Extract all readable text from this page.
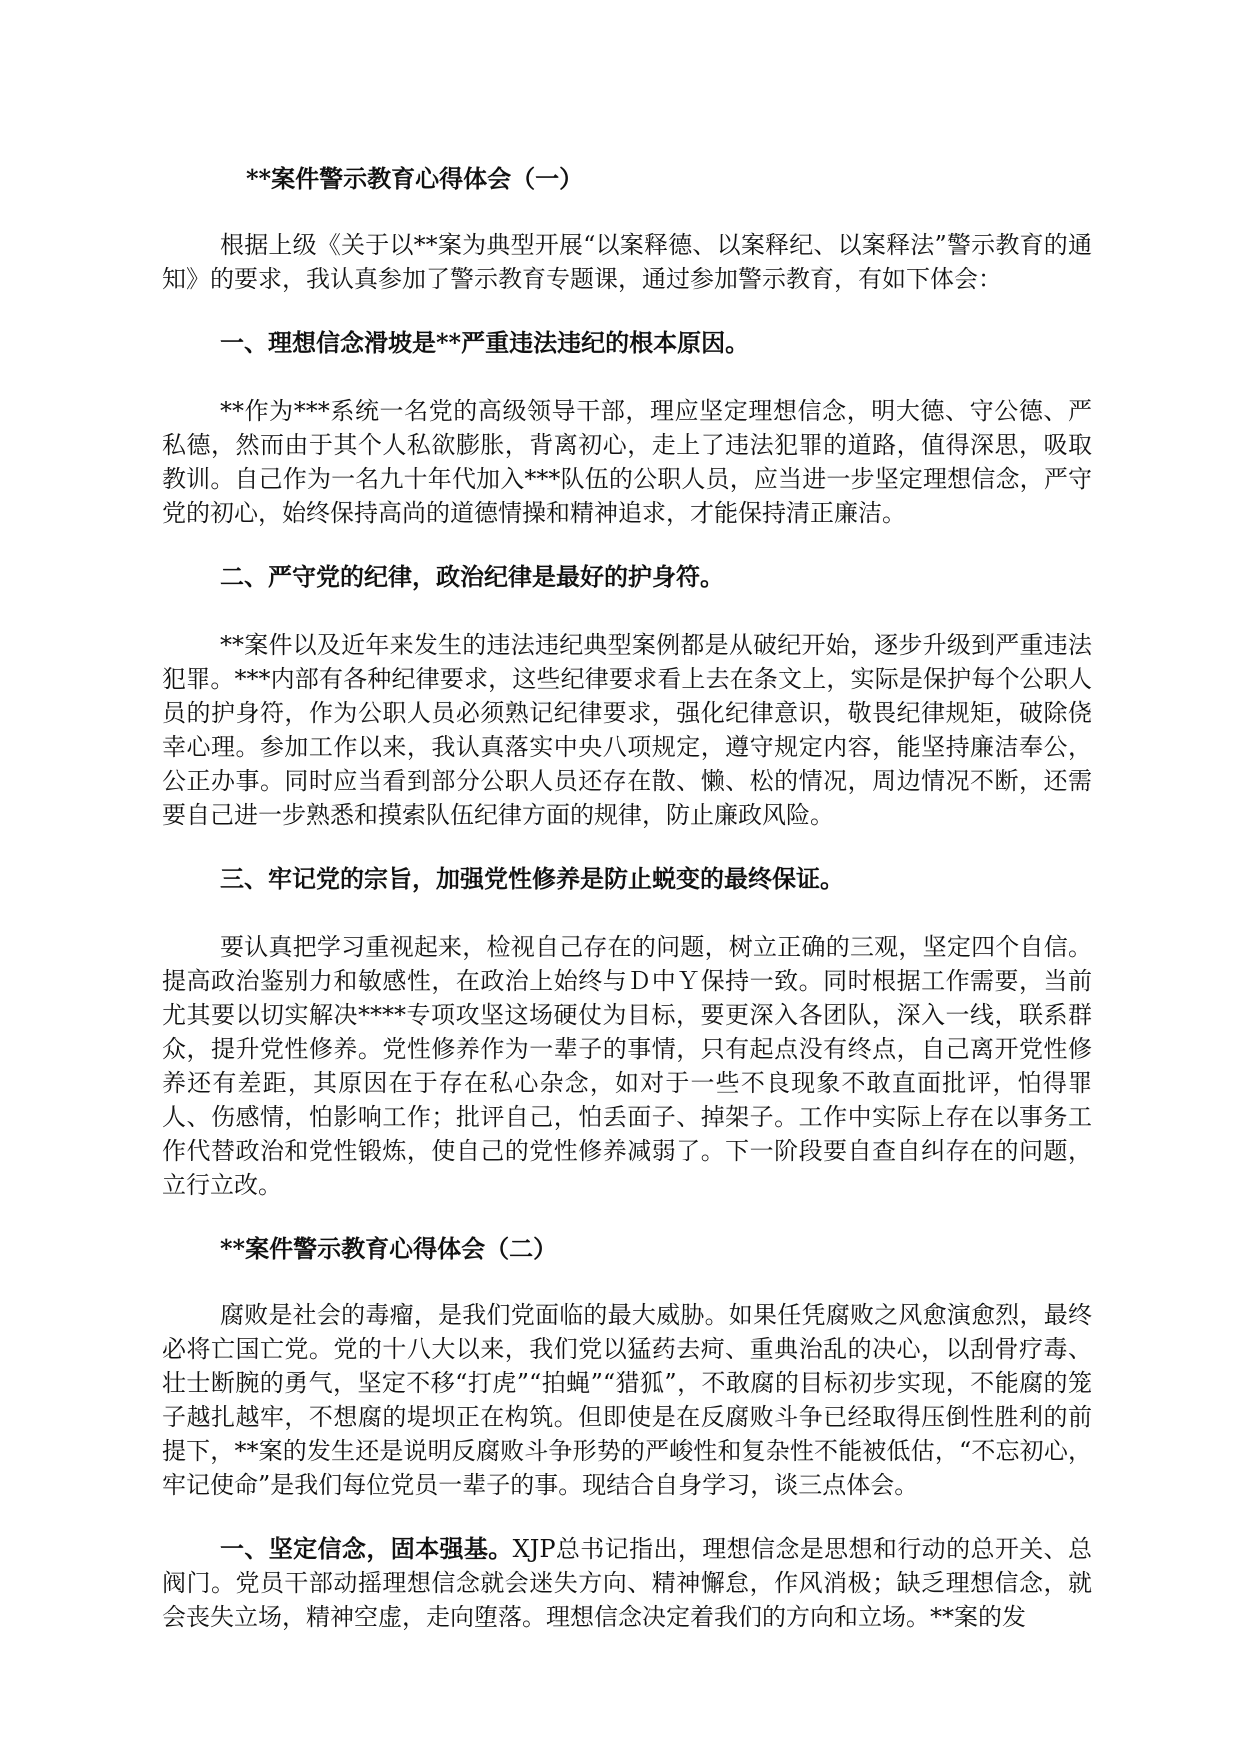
**案件警示教育心得体会（一）

根据上级《关于以**案为典型开展“以案释德、以案释纪、以案释法”警示教育的通知》的要求，我认真参加了警示教育专题课，通过参加警示教育，有如下体会：

一、理想信念滑坡是**严重违法违纪的根本原因。

**作为***系统一名党的高级领导干部，理应坚定理想信念，明大德、守公德、严私德，然而由于其个人私欲膨胀，背离初心，走上了违法犯罪的道路，值得深思，吸取教训。自己作为一名九十年代加入***队伍的公职人员，应当进一步坚定理想信念，严守党的初心，始终保持高尚的道德情操和精神追求，才能保持清正廉洁。

二、严守党的纪律，政治纪律是最好的护身符。

**案件以及近年来发生的违法违纪典型案例都是从破纪开始，逐步升级到严重违法犯罪。***内部有各种纪律要求，这些纪律要求看上去在条文上，实际是保护每个公职人员的护身符，作为公职人员必须熟记纪律要求，强化纪律意识，敬畏纪律规矩，破除侥幸心理。参加工作以来，我认真落实中央八项规定，遵守规定内容，能坚持廉洁奉公，公正办事。同时应当看到部分公职人员还存在散、懒、松的情况，周边情况不断，还需要自己进一步熟悉和摸索队伍纪律方面的规律，防止廉政风险。

三、牢记党的宗旨，加强党性修养是防止蜕变的最终保证。

要认真把学习重视起来，检视自己存在的问题，树立正确的三观，坚定四个自信。提高政治鉴别力和敏感性，在政治上始终与Ｄ中Ｙ保持一致。同时根据工作需要，当前尤其要以切实解决****专项攻坚这场硬仗为目标，要更深入各团队，深入一线，联系群众，提升党性修养。党性修养作为一辈子的事情，只有起点没有终点，自己离开党性修养还有差距，其原因在于存在私心杂念，如对于一些不良现象不敢直面批评，怕得罪人、伤感情，怕影响工作；批评自己，怕丢面子、掉架子。工作中实际上存在以事务工作代替政治和党性锻炼，使自己的党性修养减弱了。下一阶段要自查自纠存在的问题，立行立改。

**案件警示教育心得体会（二）

腐败是社会的毒瘤，是我们党面临的最大威胁。如果任凭腐败之风愈演愈烈，最终必将亡国亡党。党的十八大以来，我们党以猛药去疴、重典治乱的决心，以刮骨疗毒、壮士断腕的勇气，坚定不移“打虎”“拍蝇”“猎狐”，不敢腐的目标初步实现，不能腐的笼子越扎越牢，不想腐的堤坝正在构筑。但即使是在反腐败斗争已经取得压倒性胜利的前提下，**案的发生还是说明反腐败斗争形势的严峻性和复杂性不能被低估，“不忘初心，牢记使命”是我们每位党员一辈子的事。现结合自身学习，谈三点体会。

一、坚定信念，固本强基。XJP总书记指出，理想信念是思想和行动的总开关、总阀门。党员干部动摇理想信念就会迷失方向、精神懈怠，作风消极；缺乏理想信念，就会丧失立场，精神空虚，走向堕落。理想信念决定着我们的方向和立场。**案的发
